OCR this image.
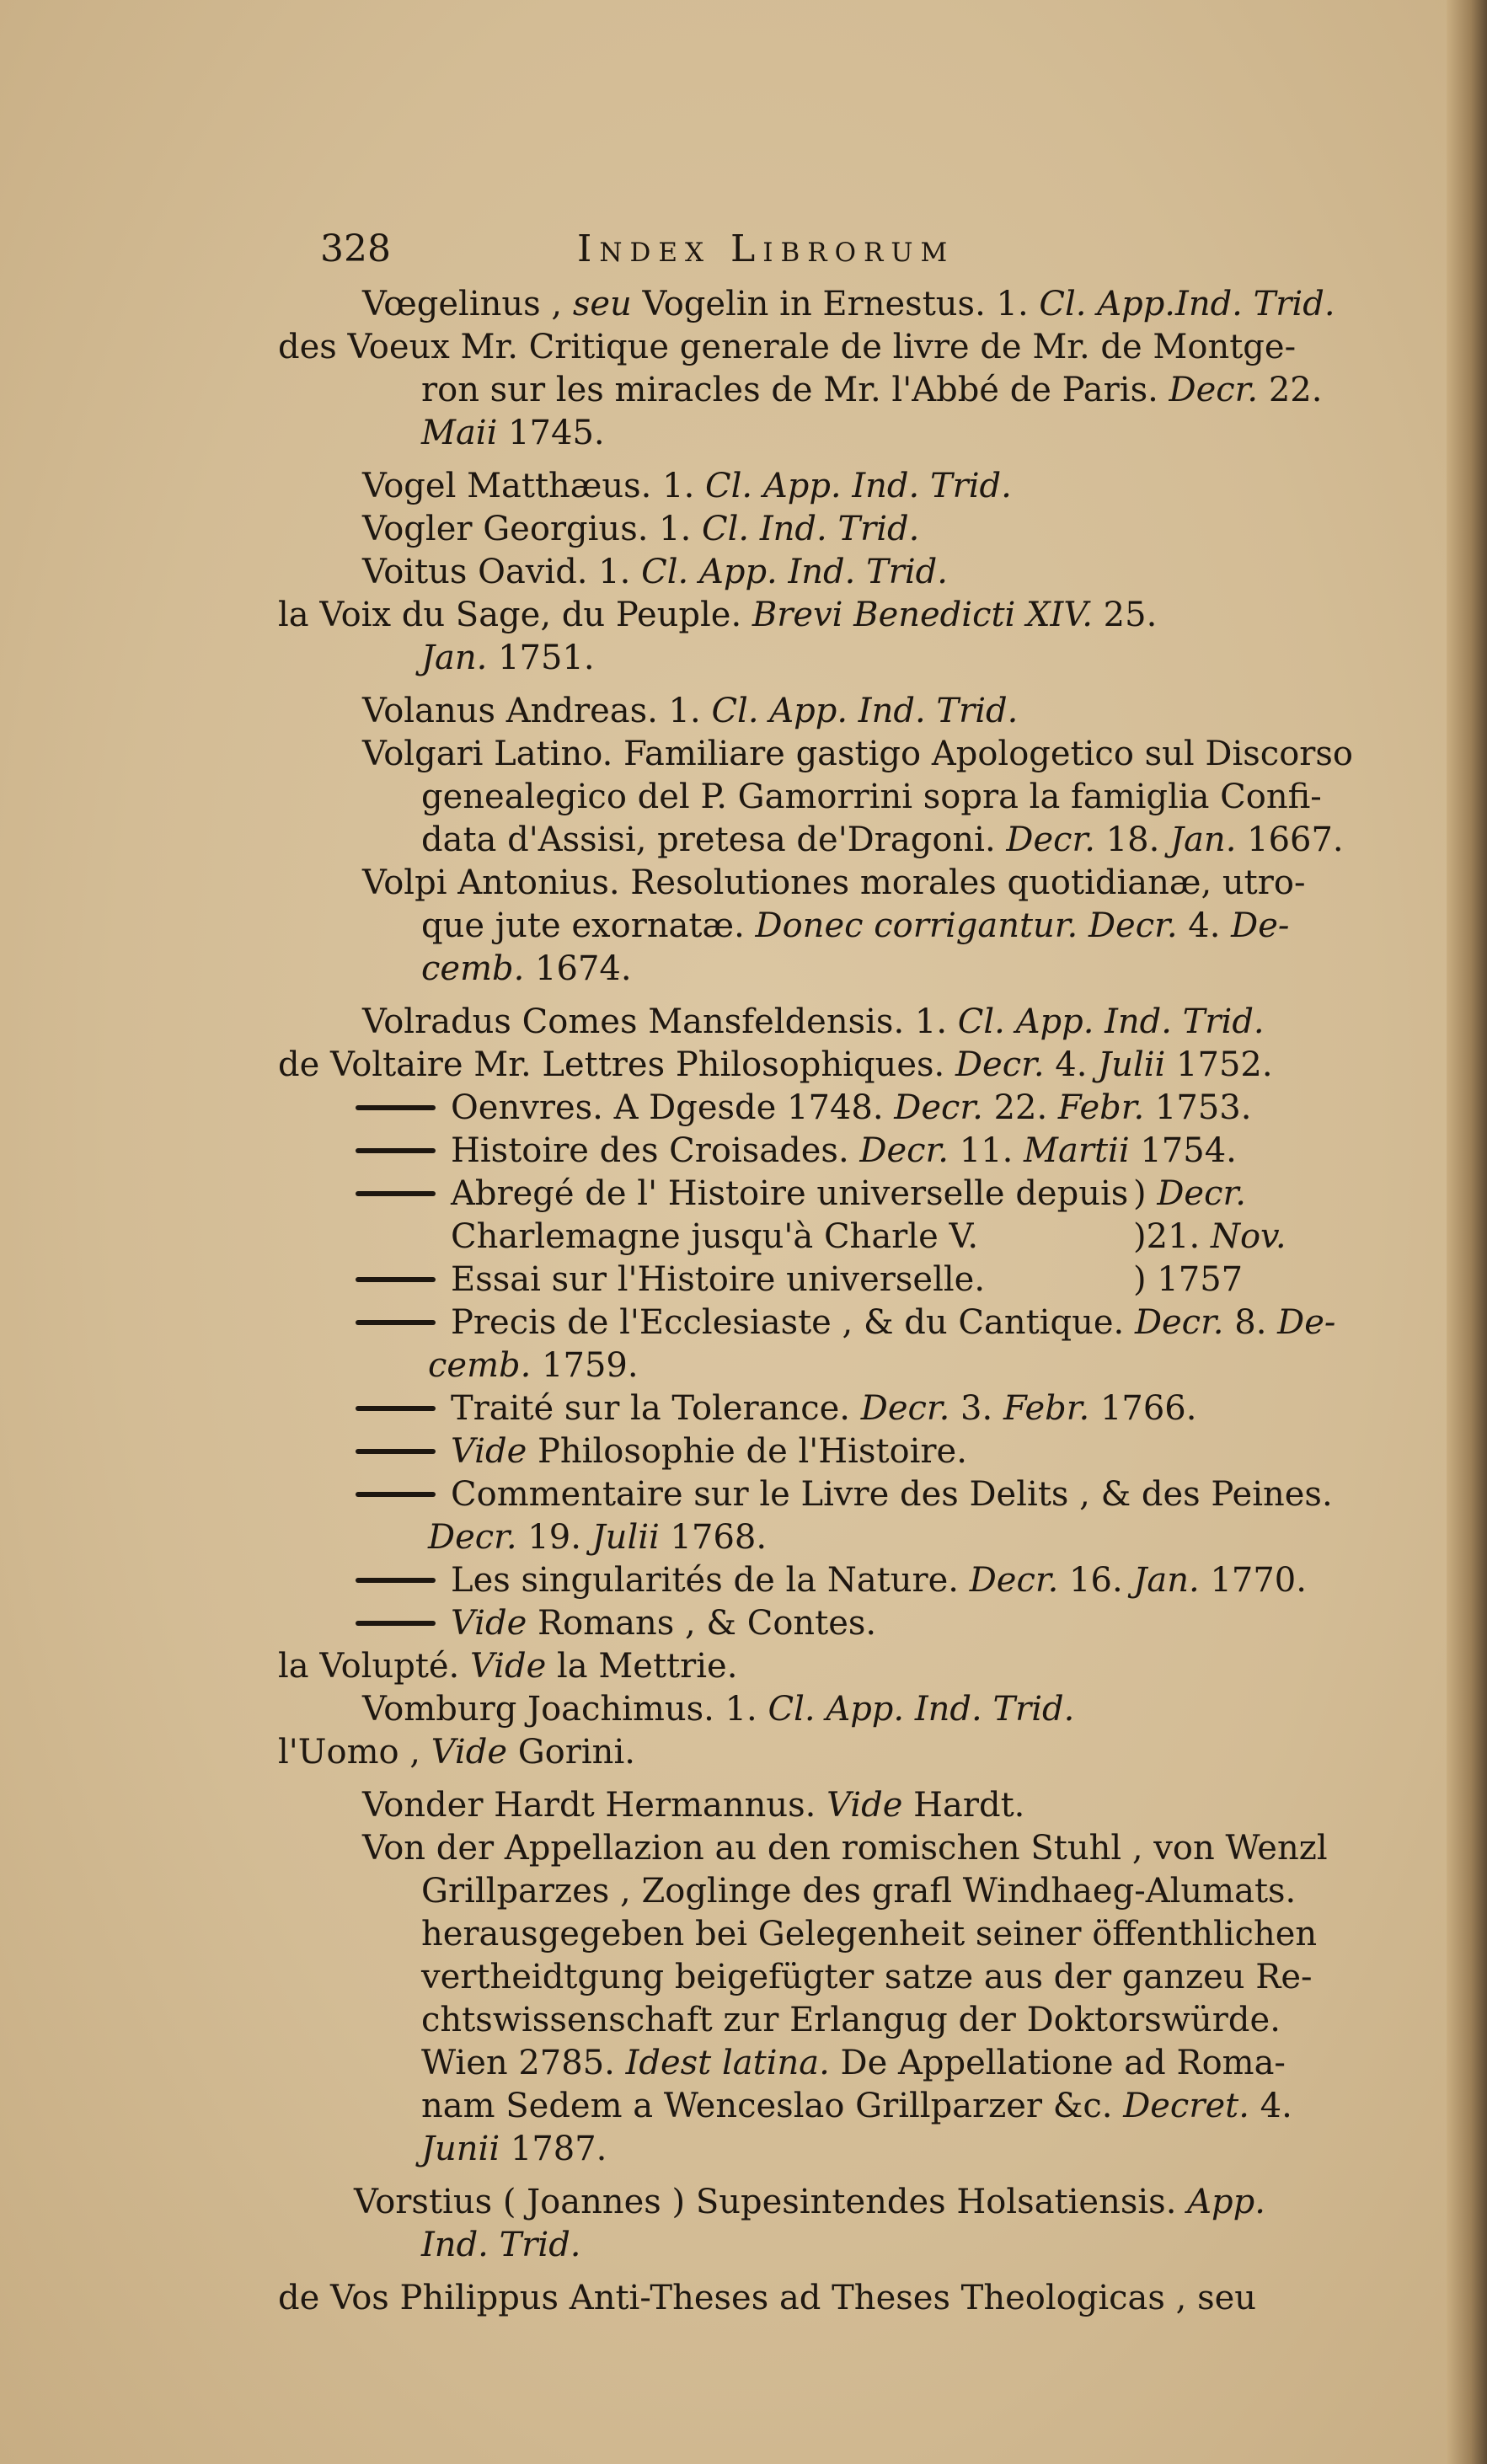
328	Index Librorum
Vœgelinus , seu Vogelin in Ernestus. 1. Cl. App.Ind. Trid.
des Voeux Mr. Critique generale de livre de Mr. de Montge-
ron sur les miracles de Mr. l'Abbé de Paris. Decr. 22.
Maii 1745.
Vogel Matthæus. 1. Cl. App. Ind. Trid.
Vogler Georgius. 1. Cl. Ind. Trid.
Voitus Oavid. 1. Cl. App. Ind. Trid.
la Voix du Sage, du Peuple. Brevi Benedicti XIV. 25.
Jan. 1751.
Volanus Andreas. 1. Cl. App. Ind. Trid.
Volgari Latino. Familiare gastigo Apologetico sul Discorso
genealegico del P. Gamorrini sopra la famiglia Confi-
data d'Assisi, pretesa de'Dragoni. Decr. 18. Jan. 1667.
Volpi Antonius. Resolutiones morales quotidianæ, utro-
que jute exornatæ. Donec corrigantur. Decr. 4. De-
cemb. 1674.
Volradus Comes Mansfeldensis. 1. Cl. App. Ind. Trid.
de Voltaire Mr. Lettres Philosophiques. Decr. 4. Julii 1752.
Oenvres. A Dgesde 1748. Decr. 22. Febr. 1753.
Histoire des Croisades. Decr. 11. Martii 1754.
Abregé de l' Histoire universelle depuis ) Decr.
Charlemagne jusqu'à Charle V.	)21. Nov.
Essai sur l'Histoire universelle.	) 1757
Precis de l'Ecclesiaste , & du Cantique. Decr. 8. De-
cemb. 1759.
Traité sur la Tolerance. Decr. 3. Febr. 1766.
Vide Philosophie de l'Histoire.
Commentaire sur le Livre des Delits , & des Peines.
Decr. 19. Julii 1768.
Les singularités de la Nature. Decr. 16. Jan. 1770.
Vide Romans , & Contes.
la Volupté. Vide la Mettrie.
Vomburg Joachimus. 1. Cl. App. Ind. Trid.
l'Uomo , Vide Gorini.
Vonder Hardt Hermannus. Vide Hardt.
Von der Appellazion au den romischen Stuhl , von Wenzl
Grillparzes , Zoglinge des grafl Windhaeg-Alumats.
herausgegeben bei Gelegenheit seiner öffenthlichen
vertheidtgung beigefügter satze aus der ganzeu Re-
chtswissenschaft zur Erlangug der Doktorswürde.
Wien 2785. Idest latina. De Appellatione ad Roma-
nam Sedem a Wenceslao Grillparzer &c. Decret. 4.
Junii 1787.
Vorstius ( Joannes ) Supesintendes Holsatiensis. App.
Ind. Trid.
de Vos Philippus Anti-Theses ad Theses Theologicas , seu
